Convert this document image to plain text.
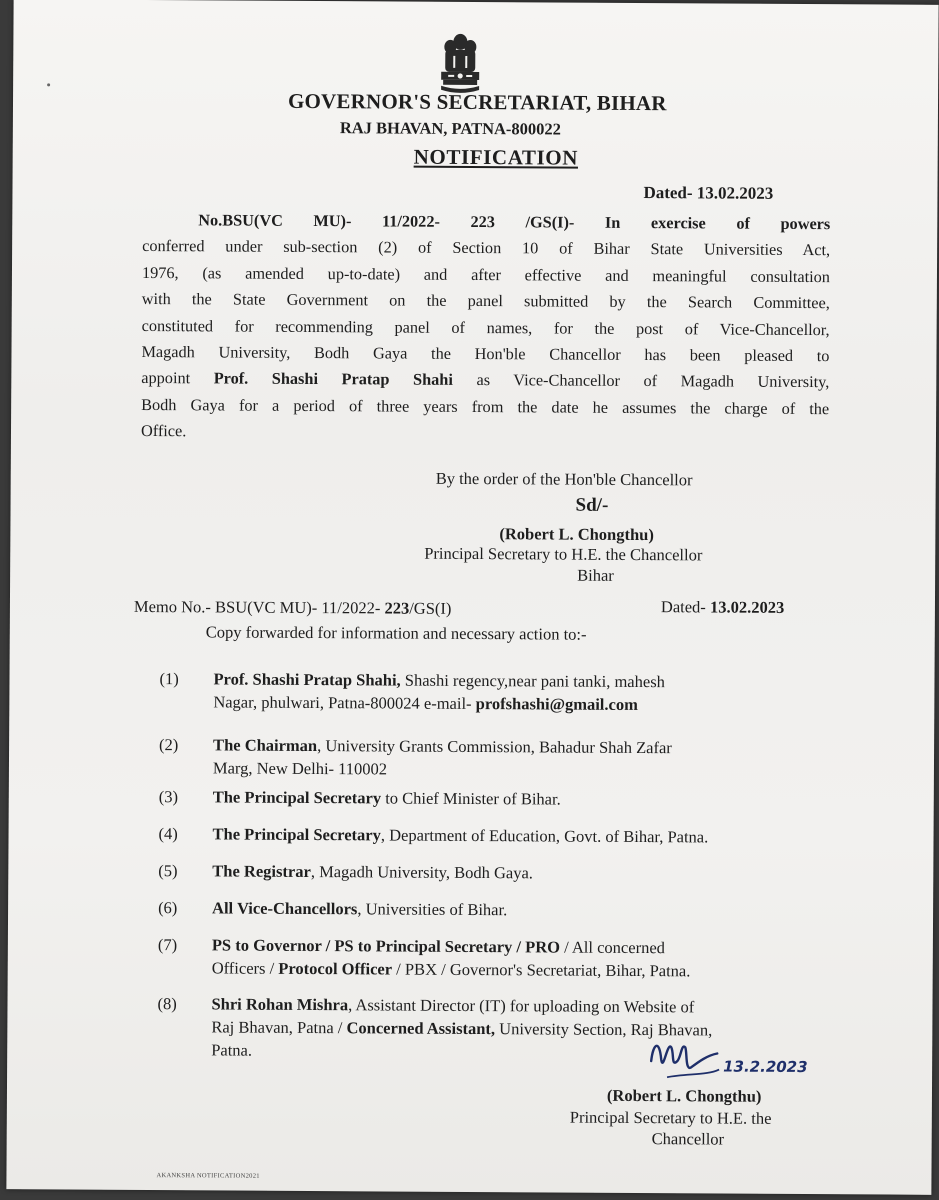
GOVERNOR'S SECRETARIAT, BIHAR
RAJ BHAVAN, PATNA-800022
NOTIFICATION
Dated- 13.02.2023
No.BSU(VC MU)- 11/2022- 223 /GS(I)- In exercise of powers
conferred under sub-section (2) of Section 10 of Bihar State Universities Act,
1976, (as amended up-to-date) and after effective and meaningful consultation
with the State Government on the panel submitted by the Search Committee,
constituted for recommending panel of names, for the post of Vice-Chancellor,
Magadh University, Bodh Gaya the Hon'ble Chancellor has been pleased to
appoint Prof. Shashi Pratap Shahi as Vice-Chancellor of Magadh University,
Bodh Gaya for a period of three years from the date he assumes the charge of the
Office.
By the order of the Hon'ble Chancellor
Sd/-
(Robert L. Chongthu)
Principal Secretary to H.E. the Chancellor
Bihar
Memo No.- BSU(VC MU)- 11/2022- 223/GS(I)	Dated- 13.02.2023
Copy forwarded for information and necessary action to:-
(1)	Prof. Shashi Pratap Shahi, Shashi regency,near pani tanki, mahesh
Nagar, phulwari, Patna-800024 e-mail- profshashi@gmail.com
(2)	The Chairman, University Grants Commission, Bahadur Shah Zafar
Marg, New Delhi- 110002
(3)	The Principal Secretary to Chief Minister of Bihar.
(4)	The Principal Secretary, Department of Education, Govt. of Bihar, Patna.
(5)	The Registrar, Magadh University, Bodh Gaya.
(6)	All Vice-Chancellors, Universities of Bihar.
(7)	PS to Governor / PS to Principal Secretary / PRO / All concerned
Officers / Protocol Officer / PBX / Governor's Secretariat, Bihar, Patna.
(8)	Shri Rohan Mishra, Assistant Director (IT) for uploading on Website of
Raj Bhavan, Patna / Concerned Assistant, University Section, Raj Bhavan,
Patna.
13.2.2023
(Robert L. Chongthu)
Principal Secretary to H.E. the
Chancellor
AKANKSHA NOTIFICATION2021
